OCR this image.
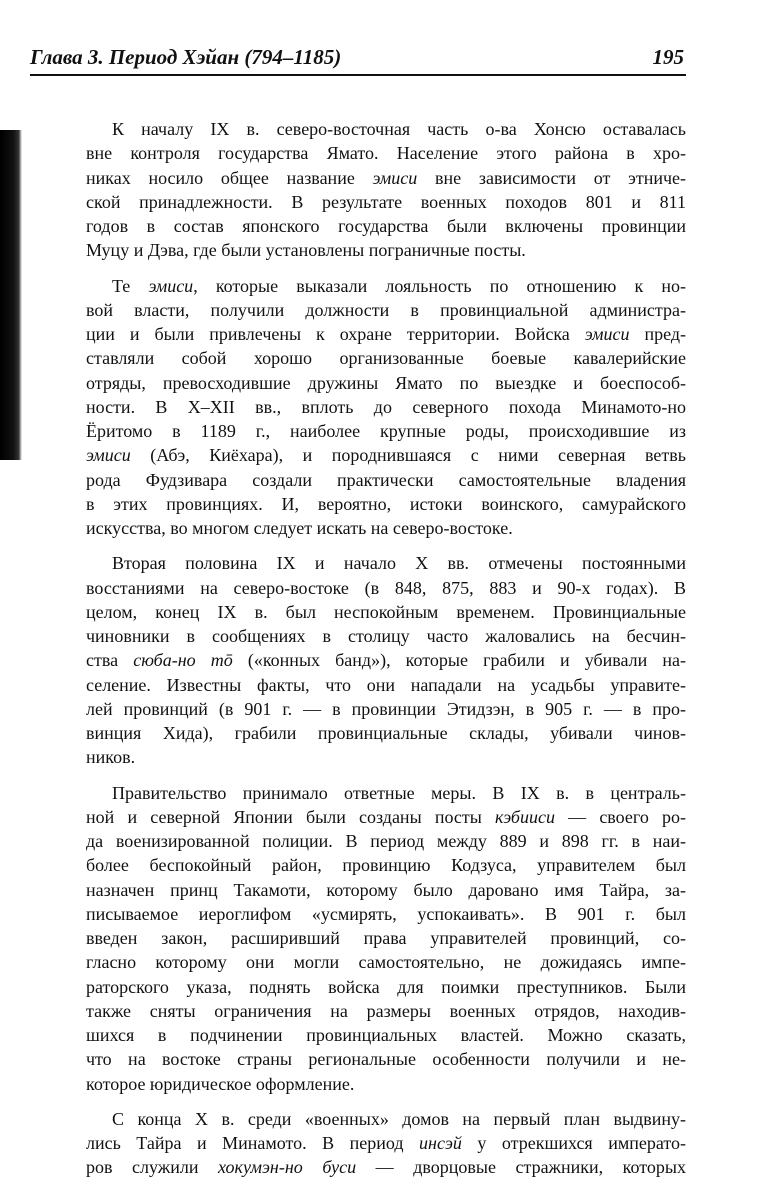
Глава 3. Период Хэйан (794–1185)	195

К началу IX в. северо-восточная часть о-ва Хонсю оставалась
вне контроля государства Ямато. Население этого района в хро-
никах носило общее название эмиси вне зависимости от этниче-
ской принадлежности. В результате военных походов 801 и 811
годов в состав японского государства были включены провинции
Муцу и Дэва, где были установлены пограничные посты.

Те эмиси, которые выказали лояльность по отношению к но-
вой власти, получили должности в провинциальной администра-
ции и были привлечены к охране территории. Войска эмиси пред-
ставляли собой хорошо организованные боевые кавалерийские
отряды, превосходившие дружины Ямато по выездке и боеспособ-
ности. В X–XII вв., вплоть до северного похода Минамото-но
Ёритомо в 1189 г., наиболее крупные роды, происходившие из
эмиси (Абэ, Киёхара), и породнившаяся с ними северная ветвь
рода Фудзивара создали практически самостоятельные владения
в этих провинциях. И, вероятно, истоки воинского, самурайского
искусства, во многом следует искать на северо-востоке.

Вторая половина IX и начало X вв. отмечены постоянными
восстаниями на северо-востоке (в 848, 875, 883 и 90-х годах). В
целом, конец IX в. был неспокойным временем. Провинциальные
чиновники в сообщениях в столицу часто жаловались на бесчин-
ства сюба-но тō («конных банд»), которые грабили и убивали на-
селение. Известны факты, что они нападали на усадьбы управите-
лей провинций (в 901 г. — в провинции Этидзэн, в 905 г. — в про-
винция Хида), грабили провинциальные склады, убивали чинов-
ников.

Правительство принимало ответные меры. В IX в. в централь-
ной и северной Японии были созданы посты кэбииси — своего ро-
да военизированной полиции. В период между 889 и 898 гг. в наи-
более беспокойный район, провинцию Кодзуса, управителем был
назначен принц Такамоти, которому было даровано имя Тайра, за-
писываемое иероглифом «усмирять, успокаивать». В 901 г. был
введен закон, расширивший права управителей провинций, со-
гласно которому они могли самостоятельно, не дожидаясь импе-
раторского указа, поднять войска для поимки преступников. Были
также сняты ограничения на размеры военных отрядов, находив-
шихся в подчинении провинциальных властей. Можно сказать,
что на востоке страны региональные особенности получили и не-
которое юридическое оформление.

С конца X в. среди «военных» домов на первый план выдвину-
лись Тайра и Минамото. В период инсэй у отрекшихся императо-
ров служили хокумэн-но буси — дворцовые стражники, которых
